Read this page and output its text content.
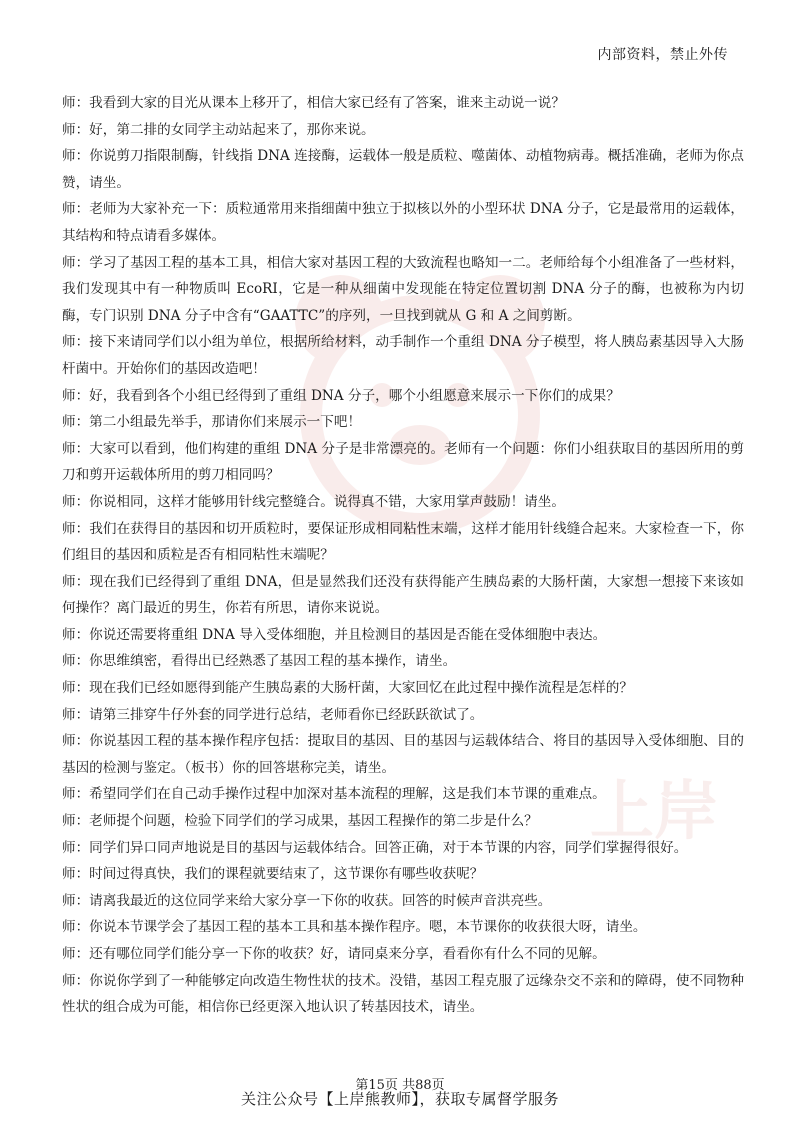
内部资料，禁止外传
上岸

师：我看到大家的目光从课本上移开了，相信大家已经有了答案，谁来主动说一说？

师：好，第二排的女同学主动站起来了，那你来说。

师：你说剪刀指限制酶，针线指 DNA 连接酶，运载体一般是质粒、噬菌体、动植物病毒。概括准确，老师为你点赞，请坐。

师：老师为大家补充一下：质粒通常用来指细菌中独立于拟核以外的小型环状 DNA 分子，它是最常用的运载体，其结构和特点请看多媒体。

师：学习了基因工程的基本工具，相信大家对基因工程的大致流程也略知一二。老师给每个小组准备了一些材料，我们发现其中有一种物质叫 EcoRI，它是一种从细菌中发现能在特定位置切割 DNA 分子的酶，也被称为内切酶，专门识别 DNA 分子中含有“GAATTC”的序列，一旦找到就从 G 和 A 之间剪断。

师：接下来请同学们以小组为单位，根据所给材料，动手制作一个重组 DNA 分子模型，将人胰岛素基因导入大肠杆菌中。开始你们的基因改造吧！

师：好，我看到各个小组已经得到了重组 DNA 分子，哪个小组愿意来展示一下你们的成果？

师：第二小组最先举手，那请你们来展示一下吧！

师：大家可以看到，他们构建的重组 DNA 分子是非常漂亮的。老师有一个问题：你们小组获取目的基因所用的剪刀和剪开运载体所用的剪刀相同吗？

师：你说相同，这样才能够用针线完整缝合。说得真不错，大家用掌声鼓励！请坐。

师：我们在获得目的基因和切开质粒时，要保证形成相同粘性末端，这样才能用针线缝合起来。大家检查一下，你们组目的基因和质粒是否有相同粘性末端呢？

师：现在我们已经得到了重组 DNA，但是显然我们还没有获得能产生胰岛素的大肠杆菌，大家想一想接下来该如何操作？离门最近的男生，你若有所思，请你来说说。

师：你说还需要将重组 DNA 导入受体细胞，并且检测目的基因是否能在受体细胞中表达。

师：你思维缜密，看得出已经熟悉了基因工程的基本操作，请坐。

师：现在我们已经如愿得到能产生胰岛素的大肠杆菌，大家回忆在此过程中操作流程是怎样的？

师：请第三排穿牛仔外套的同学进行总结，老师看你已经跃跃欲试了。

师：你说基因工程的基本操作程序包括：提取目的基因、目的基因与运载体结合、将目的基因导入受体细胞、目的基因的检测与鉴定。（板书）你的回答堪称完美，请坐。

师：希望同学们在自己动手操作过程中加深对基本流程的理解，这是我们本节课的重难点。

师：老师提个问题，检验下同学们的学习成果，基因工程操作的第二步是什么？

师：同学们异口同声地说是目的基因与运载体结合。回答正确，对于本节课的内容，同学们掌握得很好。

师：时间过得真快，我们的课程就要结束了，这节课你有哪些收获呢？

师：请离我最近的这位同学来给大家分享一下你的收获。回答的时候声音洪亮些。

师：你说本节课学会了基因工程的基本工具和基本操作程序。嗯，本节课你的收获很大呀，请坐。

师：还有哪位同学们能分享一下你的收获？好，请同桌来分享，看看你有什么不同的见解。

师：你说你学到了一种能够定向改造生物性状的技术。没错，基因工程克服了远缘杂交不亲和的障碍，使不同物种性状的组合成为可能，相信你已经更深入地认识了转基因技术，请坐。

第15页 共88页
关注公众号【上岸熊教师】，获取专属督学服务
